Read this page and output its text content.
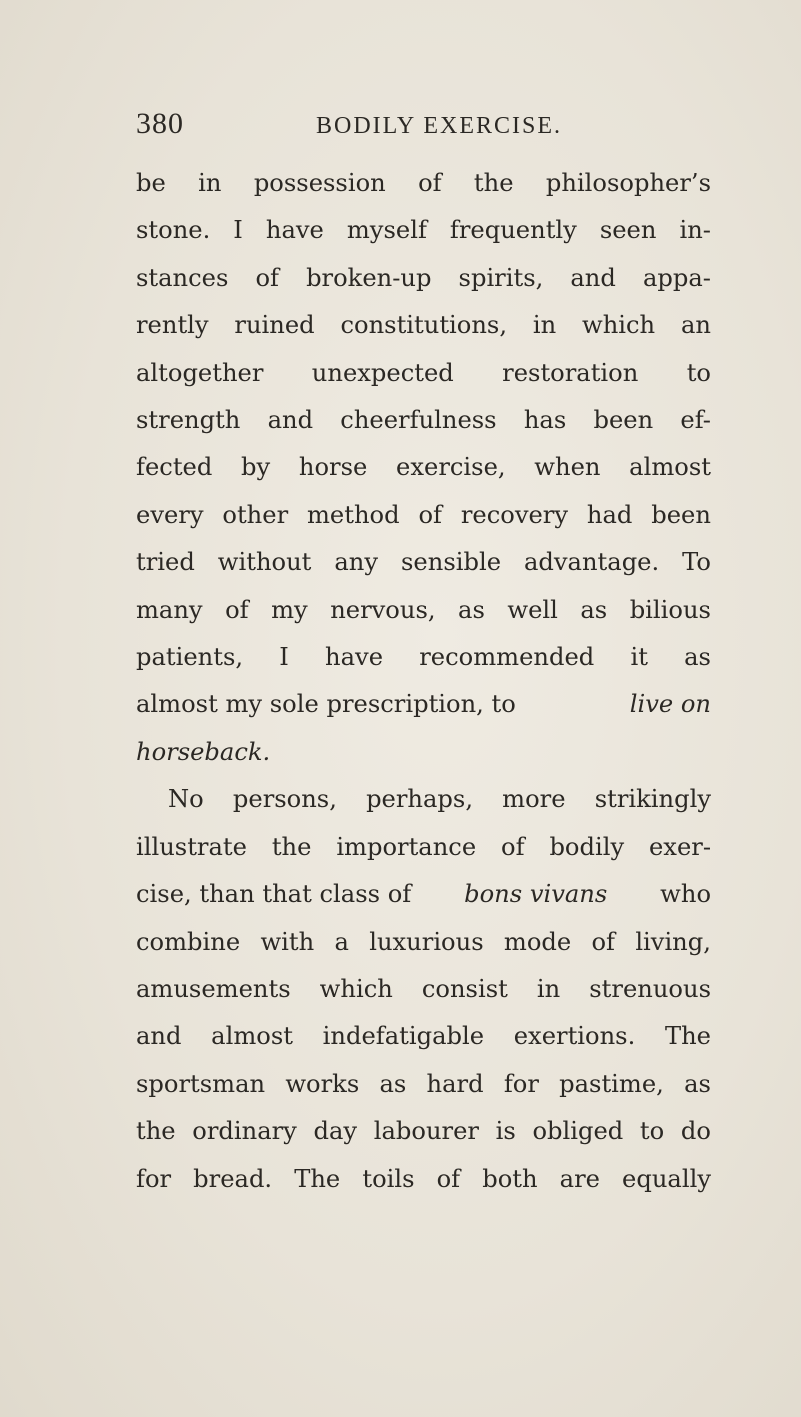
380	BODILY EXERCISE.
be in possession of the philosopher’s
stone. I have myself frequently seen in-
stances of broken-up spirits, and appa-
rently ruined constitutions, in which an
altogether unexpected restoration to
strength and cheerfulness has been ef-
fected by horse exercise, when almost
every other method of recovery had been
tried without any sensible advantage. To
many of my nervous, as well as bilious
patients, I have recommended it as
almost my sole prescription, to	live on
horseback.
No persons, perhaps, more strikingly
illustrate the importance of bodily exer-
cise, than that class of bons vivans who
combine with a luxurious mode of living,
amusements which consist in strenuous
and almost indefatigable exertions. The
sportsman works as hard for pastime, as
the ordinary day labourer is obliged to do
for bread. The toils of both are equally
